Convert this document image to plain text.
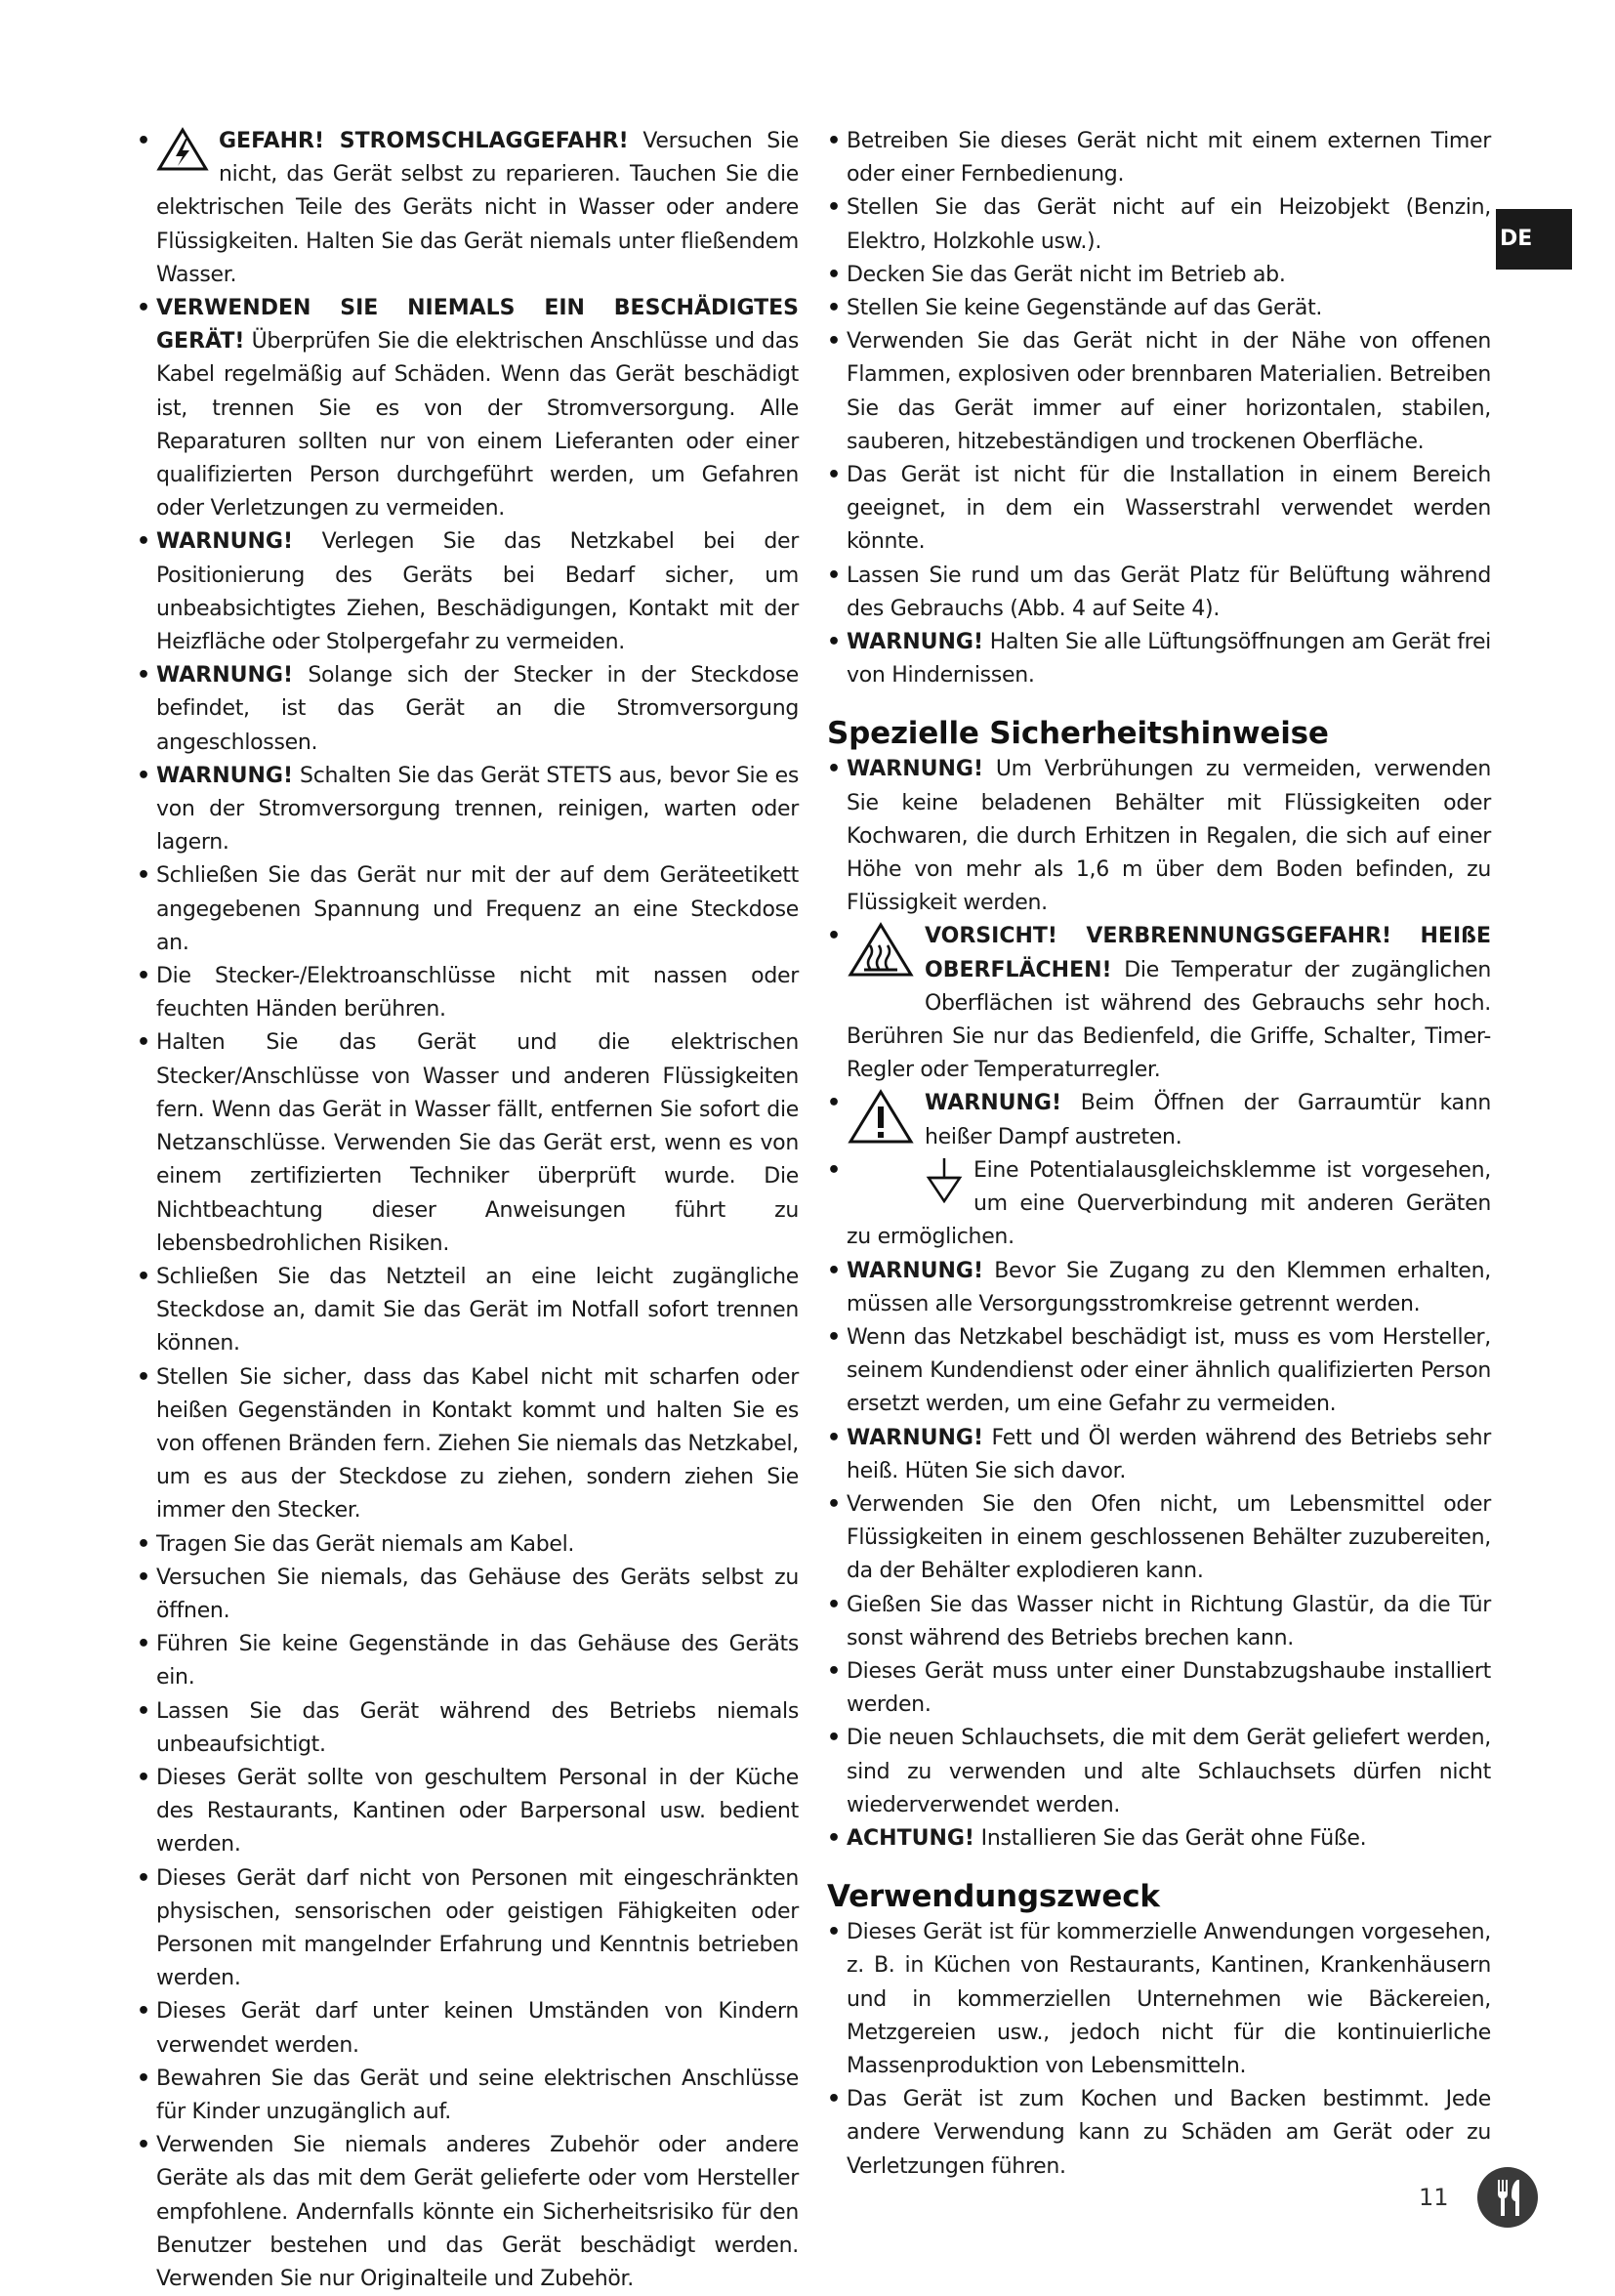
• GEFAHR! STROMSCHLAGGEFAHR! Versuchen Sie nicht, das Gerät selbst zu reparieren. Tauchen Sie die elektrischen Teile des Geräts nicht in Wasser oder andere Flüssigkeiten. Halten Sie das Gerät niemals unter fließendem Wasser.
• VERWENDEN SIE NIEMALS EIN BESCHÄDIGTES GERÄT! Überprüfen Sie die elektrischen Anschlüsse und das Kabel regelmäßig auf Schäden. Wenn das Gerät beschädigt ist, trennen Sie es von der Stromversorgung. Alle Reparaturen sollten nur von einem Lieferanten oder einer qualifizierten Person durchgeführt werden, um Gefahren oder Verletzungen zu vermeiden.
• WARNUNG! Verlegen Sie das Netzkabel bei der Positionierung des Geräts bei Bedarf sicher, um unbeabsichtigtes Ziehen, Beschädigungen, Kontakt mit der Heizfläche oder Stolpergefahr zu vermeiden.
• WARNUNG! Solange sich der Stecker in der Steckdose befindet, ist das Gerät an die Stromversorgung angeschlossen.
• WARNUNG! Schalten Sie das Gerät STETS aus, bevor Sie es von der Stromversorgung trennen, reinigen, warten oder lagern.
• Schließen Sie das Gerät nur mit der auf dem Geräteetikett angegebenen Spannung und Frequenz an eine Steckdose an.
• Die Stecker-/Elektroanschlüsse nicht mit nassen oder feuchten Händen berühren.
• Halten Sie das Gerät und die elektrischen Stecker/Anschlüsse von Wasser und anderen Flüssigkeiten fern. Wenn das Gerät in Wasser fällt, entfernen Sie sofort die Netzanschlüsse. Verwenden Sie das Gerät erst, wenn es von einem zertifizierten Techniker überprüft wurde. Die Nichtbeachtung dieser Anweisungen führt zu lebensbedrohlichen Risiken.
• Schließen Sie das Netzteil an eine leicht zugängliche Steckdose an, damit Sie das Gerät im Notfall sofort trennen können.
• Stellen Sie sicher, dass das Kabel nicht mit scharfen oder heißen Gegenständen in Kontakt kommt und halten Sie es von offenen Bränden fern. Ziehen Sie niemals das Netzkabel, um es aus der Steckdose zu ziehen, sondern ziehen Sie immer den Stecker.
• Tragen Sie das Gerät niemals am Kabel.
• Versuchen Sie niemals, das Gehäuse des Geräts selbst zu öffnen.
• Führen Sie keine Gegenstände in das Gehäuse des Geräts ein.
• Lassen Sie das Gerät während des Betriebs niemals unbeaufsichtigt.
• Dieses Gerät sollte von geschultem Personal in der Küche des Restaurants, Kantinen oder Barpersonal usw. bedient werden.
• Dieses Gerät darf nicht von Personen mit eingeschränkten physischen, sensorischen oder geistigen Fähigkeiten oder Personen mit mangelnder Erfahrung und Kenntnis betrieben werden.
• Dieses Gerät darf unter keinen Umständen von Kindern verwendet werden.
• Bewahren Sie das Gerät und seine elektrischen Anschlüsse für Kinder unzugänglich auf.
• Verwenden Sie niemals anderes Zubehör oder andere Geräte als das mit dem Gerät gelieferte oder vom Hersteller empfohlene. Andernfalls könnte ein Sicherheitsrisiko für den Benutzer bestehen und das Gerät beschädigt werden. Verwenden Sie nur Originalteile und Zubehör.
• Betreiben Sie dieses Gerät nicht mit einem externen Timer oder einer Fernbedienung.
• Stellen Sie das Gerät nicht auf ein Heizobjekt (Benzin, Elektro, Holzkohle usw.).
• Decken Sie das Gerät nicht im Betrieb ab.
• Stellen Sie keine Gegenstände auf das Gerät.
• Verwenden Sie das Gerät nicht in der Nähe von offenen Flammen, explosiven oder brennbaren Materialien. Betreiben Sie das Gerät immer auf einer horizontalen, stabilen, sauberen, hitzebeständigen und trockenen Oberfläche.
• Das Gerät ist nicht für die Installation in einem Bereich geeignet, in dem ein Wasserstrahl verwendet werden könnte.
• Lassen Sie rund um das Gerät Platz für Belüftung während des Gebrauchs (Abb. 4 auf Seite 4).
• WARNUNG! Halten Sie alle Lüftungsöffnungen am Gerät frei von Hindernissen.
Spezielle Sicherheitshinweise
• WARNUNG! Um Verbrühungen zu vermeiden, verwenden Sie keine beladenen Behälter mit Flüssigkeiten oder Kochwaren, die durch Erhitzen in Regalen, die sich auf einer Höhe von mehr als 1,6 m über dem Boden befinden, zu Flüssigkeit werden.
• VORSICHT! VERBRENNUNGSGEFAHR! HEIßE OBERFLÄCHEN! Die Temperatur der zugänglichen Oberflächen ist während des Gebrauchs sehr hoch. Berühren Sie nur das Bedienfeld, die Griffe, Schalter, Timer-Regler oder Temperaturregler.
• WARNUNG! Beim Öffnen der Garraumtür kann heißer Dampf austreten.
• Eine Potentialausgleichsklemme ist vorgesehen, um eine Querverbindung mit anderen Geräten zu ermöglichen.
• WARNUNG! Bevor Sie Zugang zu den Klemmen erhalten, müssen alle Versorgungsstromkreise getrennt werden.
• Wenn das Netzkabel beschädigt ist, muss es vom Hersteller, seinem Kundendienst oder einer ähnlich qualifizierten Person ersetzt werden, um eine Gefahr zu vermeiden.
• WARNUNG! Fett und Öl werden während des Betriebs sehr heiß. Hüten Sie sich davor.
• Verwenden Sie den Ofen nicht, um Lebensmittel oder Flüssigkeiten in einem geschlossenen Behälter zuzubereiten, da der Behälter explodieren kann.
• Gießen Sie das Wasser nicht in Richtung Glastür, da die Tür sonst während des Betriebs brechen kann.
• Dieses Gerät muss unter einer Dunstabzugshaube installiert werden.
• Die neuen Schlauchsets, die mit dem Gerät geliefert werden, sind zu verwenden und alte Schlauchsets dürfen nicht wiederverwendet werden.
• ACHTUNG! Installieren Sie das Gerät ohne Füße.
Verwendungszweck
• Dieses Gerät ist für kommerzielle Anwendungen vorgesehen, z. B. in Küchen von Restaurants, Kantinen, Krankenhäusern und in kommerziellen Unternehmen wie Bäckereien, Metzgereien usw., jedoch nicht für die kontinuierliche Massenproduktion von Lebensmitteln.
• Das Gerät ist zum Kochen und Backen bestimmt. Jede andere Verwendung kann zu Schäden am Gerät oder zu Verletzungen führen.
DE
11
